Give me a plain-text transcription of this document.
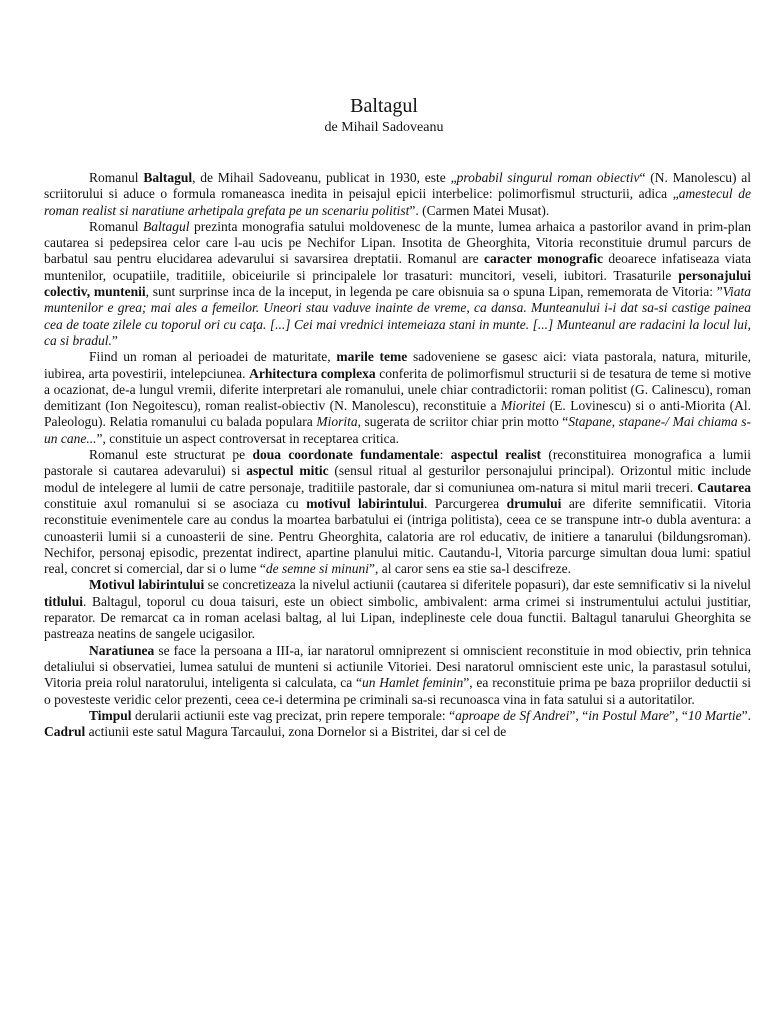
Baltagul
de Mihail Sadoveanu

Romanul Baltagul, de Mihail Sadoveanu, publicat in 1930, este „probabil singurul roman obiectiv“ (N. Manolescu) al scriitorului si aduce o formula romaneasca inedita in peisajul epicii interbelice: polimorfismul structurii, adica „amestecul de roman realist si naratiune arhetipala grefata pe un scenariu politist”. (Carmen Matei Musat).

Romanul Baltagul prezinta monografia satului moldovenesc de la munte, lumea arhaica a pastorilor avand in prim-plan cautarea si pedepsirea celor care l-au ucis pe Nechifor Lipan. Insotita de Gheorghita, Vitoria reconstituie drumul parcurs de barbatul sau pentru elucidarea adevarului si savarsirea dreptatii. Romanul are caracter monografic deoarece infatiseaza viata muntenilor, ocupatiile, traditiile, obiceiurile si principalele lor trasaturi: muncitori, veseli, iubitori. Trasaturile personajului colectiv, muntenii, sunt surprinse inca de la inceput, in legenda pe care obisnuia sa o spuna Lipan, rememorata de Vitoria: ”Viata muntenilor e grea; mai ales a femeilor. Uneori stau vaduve inainte de vreme, ca dansa. Munteanului i-i dat sa-si castige painea cea de toate zilele cu toporul ori cu caţa. [...] Cei mai vrednici intemeiaza stani in munte. [...] Munteanul are radacini la locul lui, ca si bradul.”

Fiind un roman al perioadei de maturitate, marile teme sadoveniene se gasesc aici: viata pastorala, natura, miturile, iubirea, arta povestirii, intelepciunea. Arhitectura complexa conferita de polimorfismul structurii si de tesatura de teme si motive a ocazionat, de-a lungul vremii, diferite interpretari ale romanului, unele chiar contradictorii: roman politist (G. Calinescu), roman demitizant (Ion Negoitescu), roman realist-obiectiv (N. Manolescu), reconstituie a Mioritei (E. Lovinescu) si o anti-Miorita (Al. Paleologu). Relatia romanului cu balada populara Miorita, sugerata de scriitor chiar prin motto “Stapane, stapane-/ Mai chiama s-un cane...”, constituie un aspect controversat in receptarea critica.

Romanul este structurat pe doua coordonate fundamentale: aspectul realist (reconstituirea monografica a lumii pastorale si cautarea adevarului) si aspectul mitic (sensul ritual al gesturilor personajului principal). Orizontul mitic include modul de intelegere al lumii de catre personaje, traditiile pastorale, dar si comuniunea om-natura si mitul marii treceri. Cautarea constituie axul romanului si se asociaza cu motivul labirintului. Parcurgerea drumului are diferite semnificatii. Vitoria reconstituie evenimentele care au condus la moartea barbatului ei (intriga politista), ceea ce se transpune intr-o dubla aventura: a cunoasterii lumii si a cunoasterii de sine. Pentru Gheorghita, calatoria are rol educativ, de initiere a tanarului (bildungsroman). Nechifor, personaj episodic, prezentat indirect, apartine planului mitic. Cautandu-l, Vitoria parcurge simultan doua lumi: spatiul real, concret si comercial, dar si o lume “de semne si minuni”, al caror sens ea stie sa-l descifreze.

Motivul labirintului se concretizeaza la nivelul actiunii (cautarea si diferitele popasuri), dar este semnificativ si la nivelul titlului. Baltagul, toporul cu doua taisuri, este un obiect simbolic, ambivalent: arma crimei si instrumentului actului justitiar, reparator. De remarcat ca in roman acelasi baltag, al lui Lipan, indeplineste cele doua functii. Baltagul tanarului Gheorghita se pastreaza neatins de sangele ucigasilor.

Naratiunea se face la persoana a III-a, iar naratorul omniprezent si omniscient reconstituie in mod obiectiv, prin tehnica detaliului si observatiei, lumea satului de munteni si actiunile Vitoriei. Desi naratorul omniscient este unic, la parastasul sotului, Vitoria preia rolul naratorului, inteligenta si calculata, ca “un Hamlet feminin”, ea reconstituie prima pe baza propriilor deductii si o povesteste veridic celor prezenti, ceea ce-i determina pe criminali sa-si recunoasca vina in fata satului si a autoritatilor.

Timpul derularii actiunii este vag precizat, prin repere temporale: “aproape de Sf Andrei”, “in Postul Mare”, “10 Martie”. Cadrul actiunii este satul Magura Tarcaului, zona Dornelor si a Bistritei, dar si cel de
